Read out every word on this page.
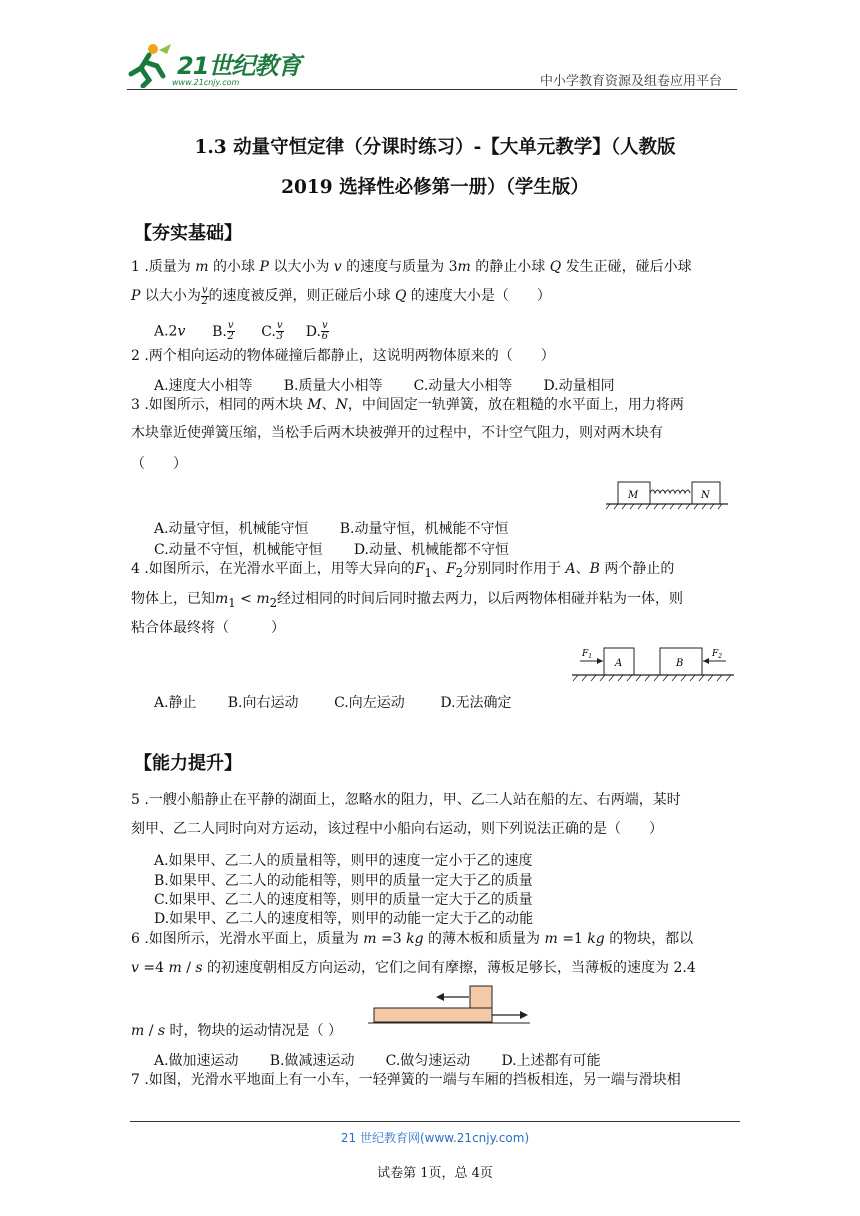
21世纪教育
www.21cnjy.com	中小学教育资源及组卷应用平台
1.3 动量守恒定律（分课时练习）-【大单元教学】（人教版
2019 选择性必修第一册）（学生版）
【夯实基础】
1 .质量为 m 的小球 P 以大小为 v 的速度与质量为 3m 的静止小球 Q 发生正碰，碰后小球
P 以大小为 $\frac{v}{2}$ 的速度被反弹，则正碰后小球 Q 的速度大小是（　　）
A.2v B. $\frac{v}{2} C$. $\frac{v}{3} D$. $\frac{v}{6}$
2 .两个相向运动的物体碰撞后都静止，这说明两物体原来的（　　）
A.速度大小相等 B.质量大小相等 C.动量大小相等 D.动量相同
3 .如图所示，相同的两木块 M、N，中间固定一轨弹簧，放在粗糙的水平面上，用力将两
木块靠近使弹簧压缩，当松手后两木块被弹开的过程中，不计空气阻力，则对两木块有
（　　）
M	N
A.动量守恒，机械能守恒 B.动量守恒，机械能不守恒
C.动量不守恒，机械能守恒 D.动量、机械能都不守恒
4 .如图所示，在光滑水平面上，用等大异向的$F_1$、$F_2$分别同时作用于 A、B 两个静止的
物体上，已知$m_1 < m_2$经过相同的时间后同时撤去两力，以后两物体相碰并粘为一体，则
粘合体最终将（　　　）
A	B
$F_1$	$F_2$
A.静止 B.向右运动	C.向左运动	D.无法确定
【能力提升】
5 .一艘小船静止在平静的湖面上，忽略水的阻力，甲、乙二人站在船的左、右两端，某时
刻甲、乙二人同时向对方运动，该过程中小船向右运动，则下列说法正确的是（　　）
A.如果甲、乙二人的质量相等，则甲的速度一定小于乙的速度
B.如果甲、乙二人的动能相等，则甲的质量一定大于乙的质量
C.如果甲、乙二人的速度相等，则甲的质量一定大于乙的质量
D.如果甲、乙二人的速度相等，则甲的动能一定大于乙的动能
6 .如图所示，光滑水平面上，质量为 m =3 kg 的薄木板和质量为 m =1 kg 的物块，都以
v =4 m / s 的初速度朝相反方向运动，它们之间有摩擦，薄板足够长，当薄板的速度为 2.4
m / s 时，物块的运动情况是（ ）
A.做加速运动 B.做减速运动 C.做匀速运动 D.上述都有可能
7 .如图，光滑水平地面上有一小车，一轻弹簧的一端与车厢的挡板相连，另一端与滑块相
21 世纪教育网(www.21cnjy.com)
试卷第 1页，总 4页
